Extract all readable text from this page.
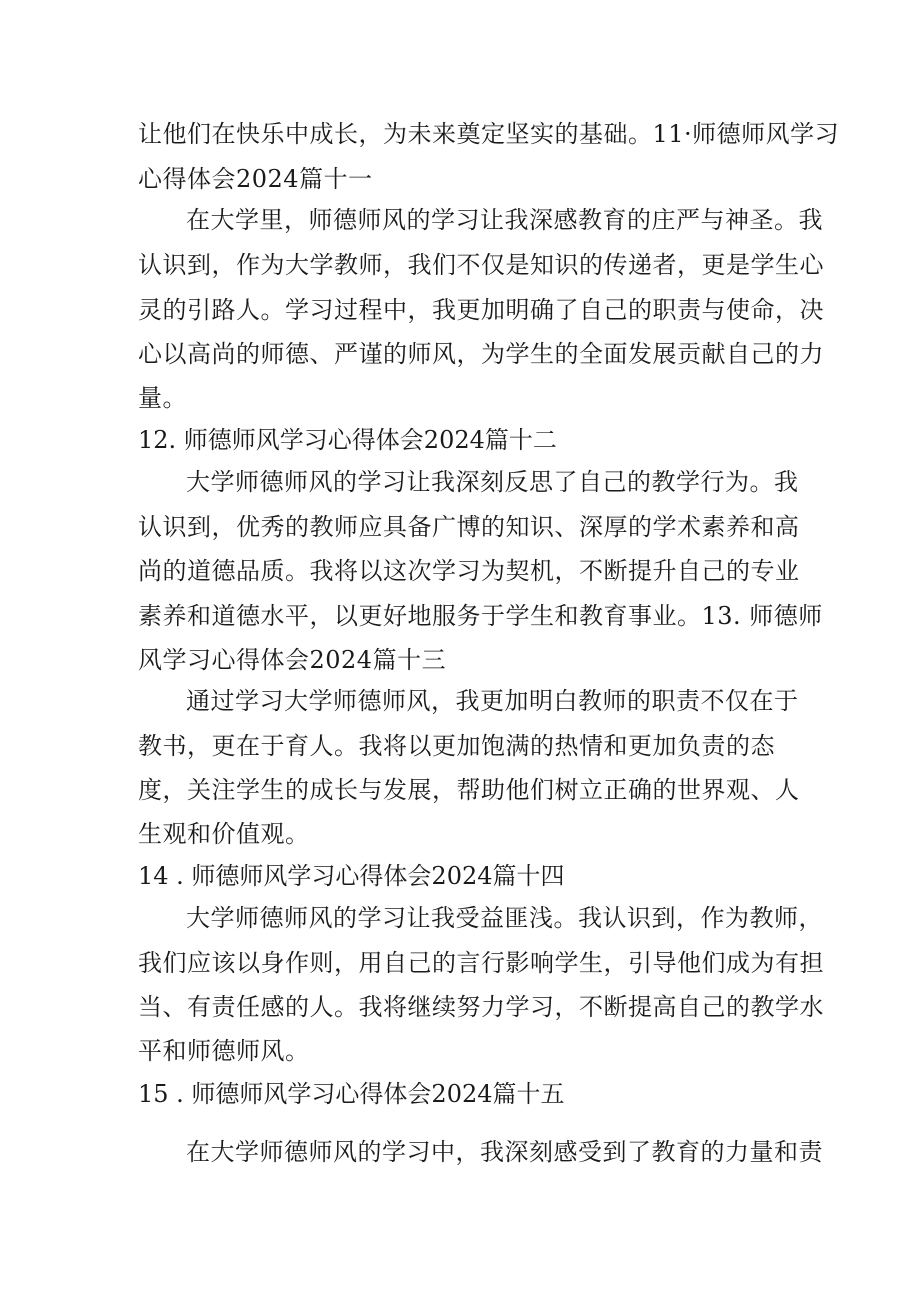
让他们在快乐中成长，为未来奠定坚实的基础。11·师德师风学习
心得体会2024篇十一
在大学里，师德师风的学习让我深感教育的庄严与神圣。我
认识到，作为大学教师，我们不仅是知识的传递者，更是学生心
灵的引路人。学习过程中，我更加明确了自己的职责与使命，决
心以高尚的师德、严谨的师风，为学生的全面发展贡献自己的力
量。
12. 师德师风学习心得体会2024篇十二
大学师德师风的学习让我深刻反思了自己的教学行为。我
认识到，优秀的教师应具备广博的知识、深厚的学术素养和高
尚的道德品质。我将以这次学习为契机，不断提升自己的专业
素养和道德水平，以更好地服务于学生和教育事业。13. 师德师
风学习心得体会2024篇十三
通过学习大学师德师风，我更加明白教师的职责不仅在于
教书，更在于育人。我将以更加饱满的热情和更加负责的态
度，关注学生的成长与发展，帮助他们树立正确的世界观、人
生观和价值观。
14 . 师德师风学习心得体会2024篇十四
大学师德师风的学习让我受益匪浅。我认识到，作为教师，
我们应该以身作则，用自己的言行影响学生，引导他们成为有担
当、有责任感的人。我将继续努力学习，不断提高自己的教学水
平和师德师风。
15 . 师德师风学习心得体会2024篇十五
在大学师德师风的学习中，我深刻感受到了教育的力量和责
